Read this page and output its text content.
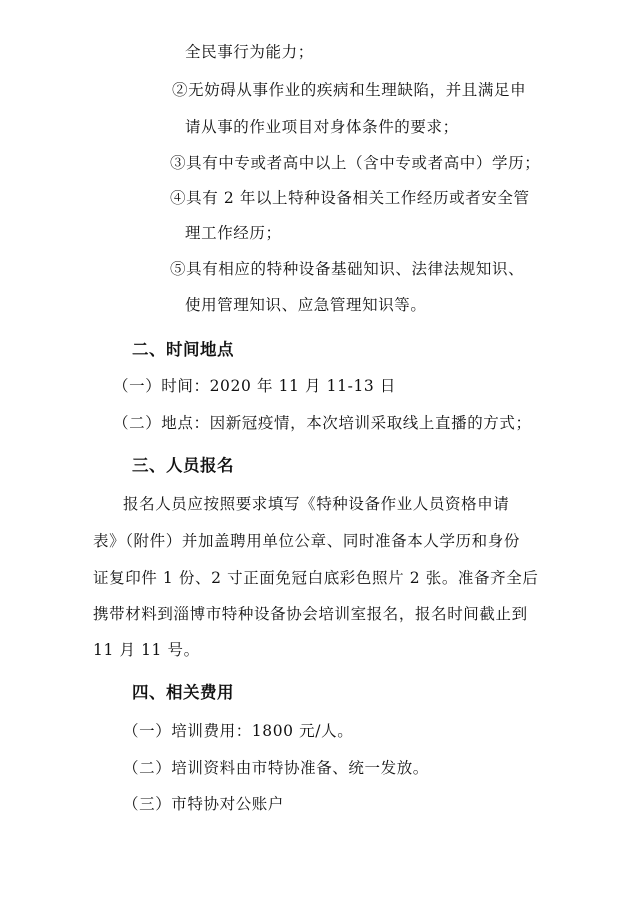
全民事行为能力；
②无妨碍从事作业的疾病和生理缺陷，并且满足申
请从事的作业项目对身体条件的要求；
③具有中专或者高中以上（含中专或者高中）学历；
④具有 2 年以上特种设备相关工作经历或者安全管
理工作经历；
⑤具有相应的特种设备基础知识、法律法规知识、
使用管理知识、应急管理知识等。
二、时间地点
（一）时间：2020 年 11 月 11-13 日
（二）地点：因新冠疫情，本次培训采取线上直播的方式；
三、人员报名
报名人员应按照要求填写《特种设备作业人员资格申请
表》（附件）并加盖聘用单位公章、同时准备本人学历和身份
证复印件 1 份、2 寸正面免冠白底彩色照片 2 张。准备齐全后
携带材料到淄博市特种设备协会培训室报名，报名时间截止到
11 月 11 号。
四、相关费用
（一）培训费用：1800 元/人。
（二）培训资料由市特协准备、统一发放。
（三）市特协对公账户
